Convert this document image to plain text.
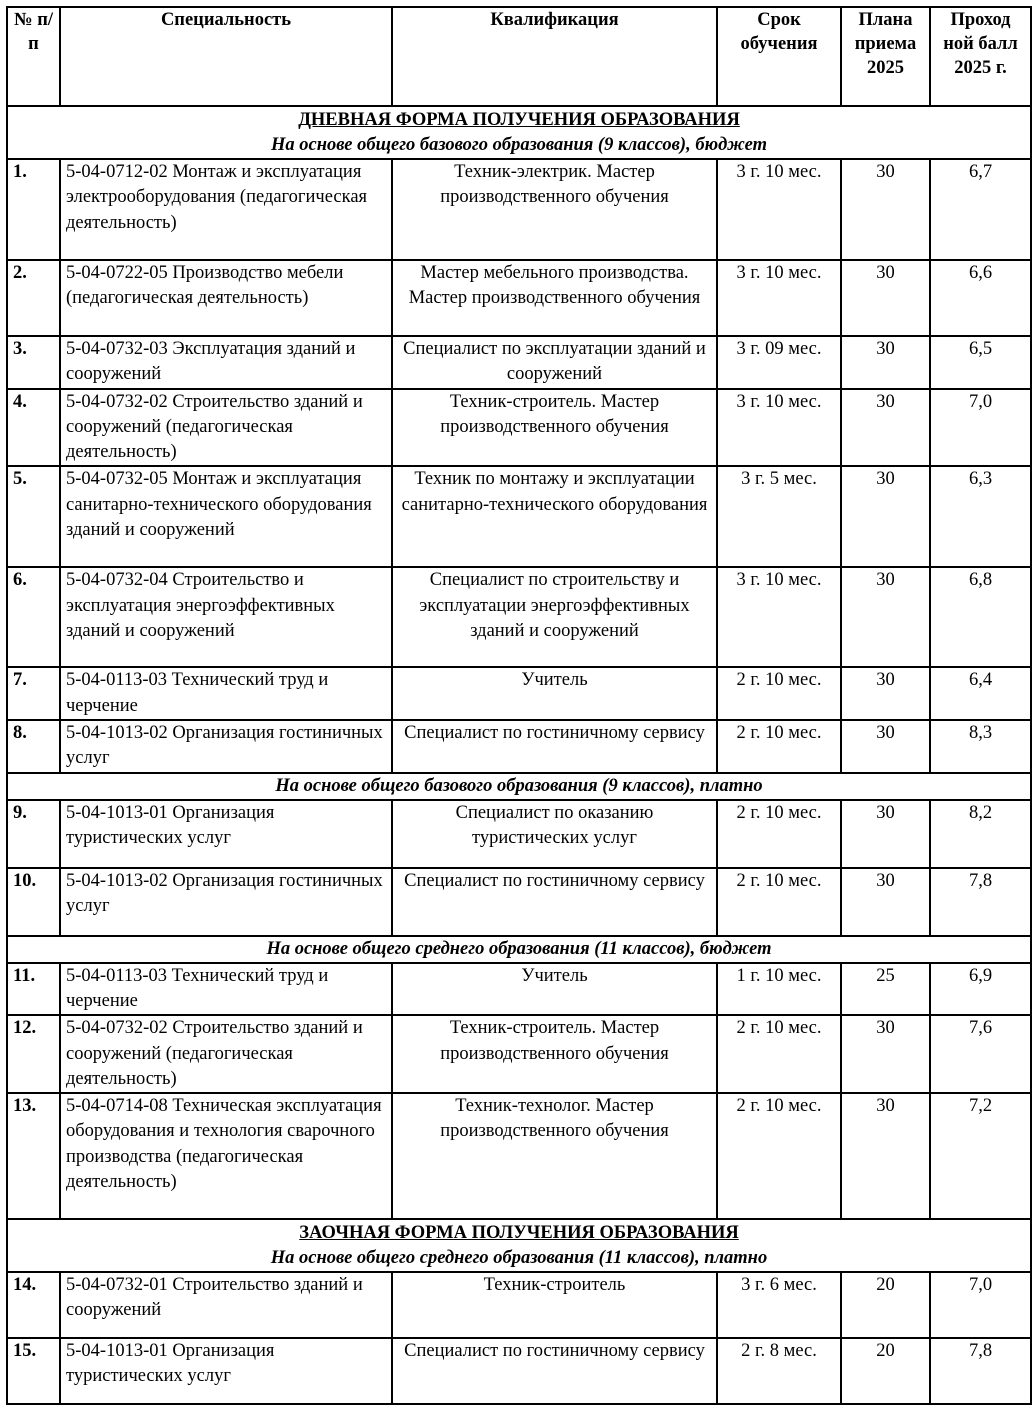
№ п/п	Специальность	Квалификация	Срок обучения	Плана приема 2025	Проход ной балл 2025 г.
ДНЕВНАЯ ФОРМА ПОЛУЧЕНИЯ ОБРАЗОВАНИЯ					
На основе общего базового образования (9 классов), бюджет					
1.	5-04-0712-02 Монтаж и эксплуатация электрооборудования (педагогическая деятельность)	Техник-электрик. Мастер производственного обучения	3 г. 10 мес.	30	6,7
2.	5-04-0722-05 Производство мебели (педагогическая деятельность)	Мастер мебельного производства. Мастер производственного обучения	3 г. 10 мес.	30	6,6
3.	5-04-0732-03 Эксплуатация зданий и сооружений	Специалист по эксплуатации зданий и сооружений	3 г. 09 мес.	30	6,5
4.	5-04-0732-02 Строительство зданий и сооружений (педагогическая деятельность)	Техник-строитель. Мастер производственного обучения	3 г. 10 мес.	30	7,0
5.	5-04-0732-05 Монтаж и эксплуатация санитарно-технического оборудования зданий и сооружений	Техник по монтажу и эксплуатации санитарно-технического оборудования	3 г. 5 мес.	30	6,3
6.	5-04-0732-04 Строительство и эксплуатация энергоэффективных зданий и сооружений	Специалист по строительству и эксплуатации энергоэффективных зданий и сооружений	3 г. 10 мес.	30	6,8
7.	5-04-0113-03 Технический труд и черчение	Учитель	2 г. 10 мес.	30	6,4
8.	5-04-1013-02 Организация гостиничных услуг	Специалист по гостиничному сервису	2 г. 10 мес.	30	8,3
На основе общего базового образования (9 классов), платно					
9.	5-04-1013-01 Организация туристических услуг	Специалист по оказанию туристических услуг	2 г. 10 мес.	30	8,2
10.	5-04-1013-02 Организация гостиничных услуг	Специалист по гостиничному сервису	2 г. 10 мес.	30	7,8
На основе общего среднего образования (11 классов), бюджет					
11.	5-04-0113-03 Технический труд и черчение	Учитель	1 г. 10 мес.	25	6,9
12.	5-04-0732-02 Строительство зданий и сооружений (педагогическая деятельность)	Техник-строитель. Мастер производственного обучения	2 г. 10 мес.	30	7,6
13.	5-04-0714-08 Техническая эксплуатация оборудования и технология сварочного производства (педагогическая деятельность)	Техник-технолог. Мастер производственного обучения	2 г. 10 мес.	30	7,2
ЗАОЧНАЯ ФОРМА ПОЛУЧЕНИЯ ОБРАЗОВАНИЯ					
На основе общего среднего образования (11 классов), платно					
14.	5-04-0732-01 Строительство зданий и сооружений	Техник-строитель	3 г. 6 мес.	20	7,0
15.	5-04-1013-01 Организация туристических услуг	Специалист по гостиничному сервису	2 г. 8 мес.	20	7,8
